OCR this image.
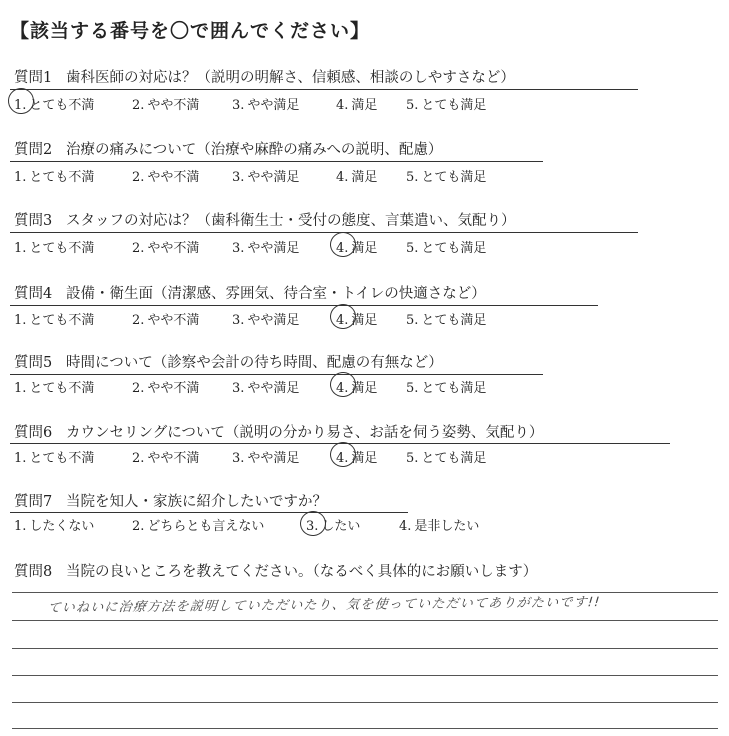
【該当する番号を〇で囲んでください】
質問1 歯科医師の対応は？（説明の明解さ、信頼感、相談のしやすさなど）
1. とても不満	2. やや不満	3. やや満足	4. 満足 5. とても満足
質問2 治療の痛みについて（治療や麻酔の痛みへの説明、配慮）
1. とても不満	2. やや不満	3. やや満足	4. 満足 5. とても満足
質問3 スタッフの対応は？（歯科衛生士・受付の態度、言葉遣い、気配り）
1. とても不満	2. やや不満	3. やや満足	4. 満足 5. とても満足
質問4 設備・衛生面（清潔感、雰囲気、待合室・トイレの快適さなど）
1. とても不満	2. やや不満	3. やや満足	4. 満足 5. とても満足
質問5 時間について（診察や会計の待ち時間、配慮の有無など）
1. とても不満	2. やや不満	3. やや満足	4. 満足 5. とても満足
質問6 カウンセリングについて（説明の分かり易さ、お話を伺う姿勢、気配り）
1. とても不満	2. やや不満	3. やや満足	4. 満足 5. とても満足
質問7 当院を知人・家族に紹介したいですか？
1. したくない	2. どちらとも言えない	3. したい	4. 是非したい
質問8 当院の良いところを教えてください。（なるべく具体的にお願いします）
ていねいに治療方法を説明していただいたり、気を使っていただいてありがたいです!!
